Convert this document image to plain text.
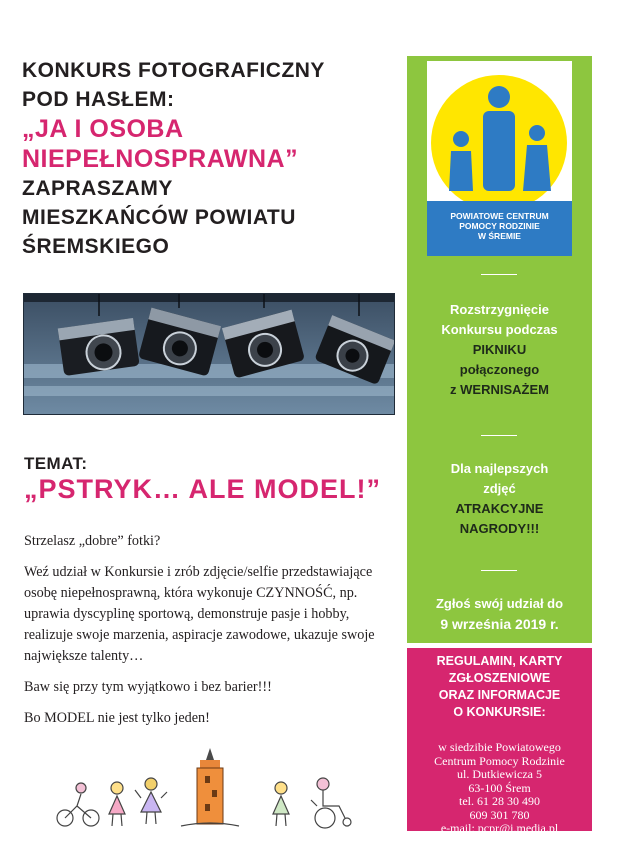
KONKURS FOTOGRAFICZNY
POD HASŁEM:
„JA I OSOBA
NIEPEŁNOSPRAWNA”
ZAPRASZAMY
MIESZKAŃCÓW POWIATU
ŚREMSKIEGO
TEMAT:
„PSTRYK… ALE MODEL!”

Strzelasz „dobre” fotki?

Weź udział w Konkursie i zrób zdjęcie/selfie przedstawiające osobę niepełnosprawną, która wykonuje CZYNNOŚĆ, np. uprawia dyscyplinę sportową, demonstruje pasje i hobby, realizuje swoje marzenia, aspiracje zawodowe, ukazuje swoje największe talenty…

Baw się przy tym wyjątkowo i bez barier!!!

Bo MODEL nie jest tylko jeden!

POWIATOWE CENTRUM
POMOCY RODZINIE
W ŚREMIE
Rozstrzygnięcie
Konkursu podczas
PIKNIKU
połączonego
z WERNISAŻEM
Dla najlepszych
zdjęć
ATRAKCYJNE
NAGRODY!!!
Zgłoś swój udział do
9 września 2019 r.
REGULAMIN, KARTY
ZGŁOSZENIOWE
ORAZ INFORMACJE
O KONKURSIE:
w siedzibie Powiatowego
Centrum Pomocy Rodzinie
ul. Dutkiewicza 5
63-100 Śrem
tel. 61 28 30 490
609 301 780
e-mail: pcpr@i.media.pl
